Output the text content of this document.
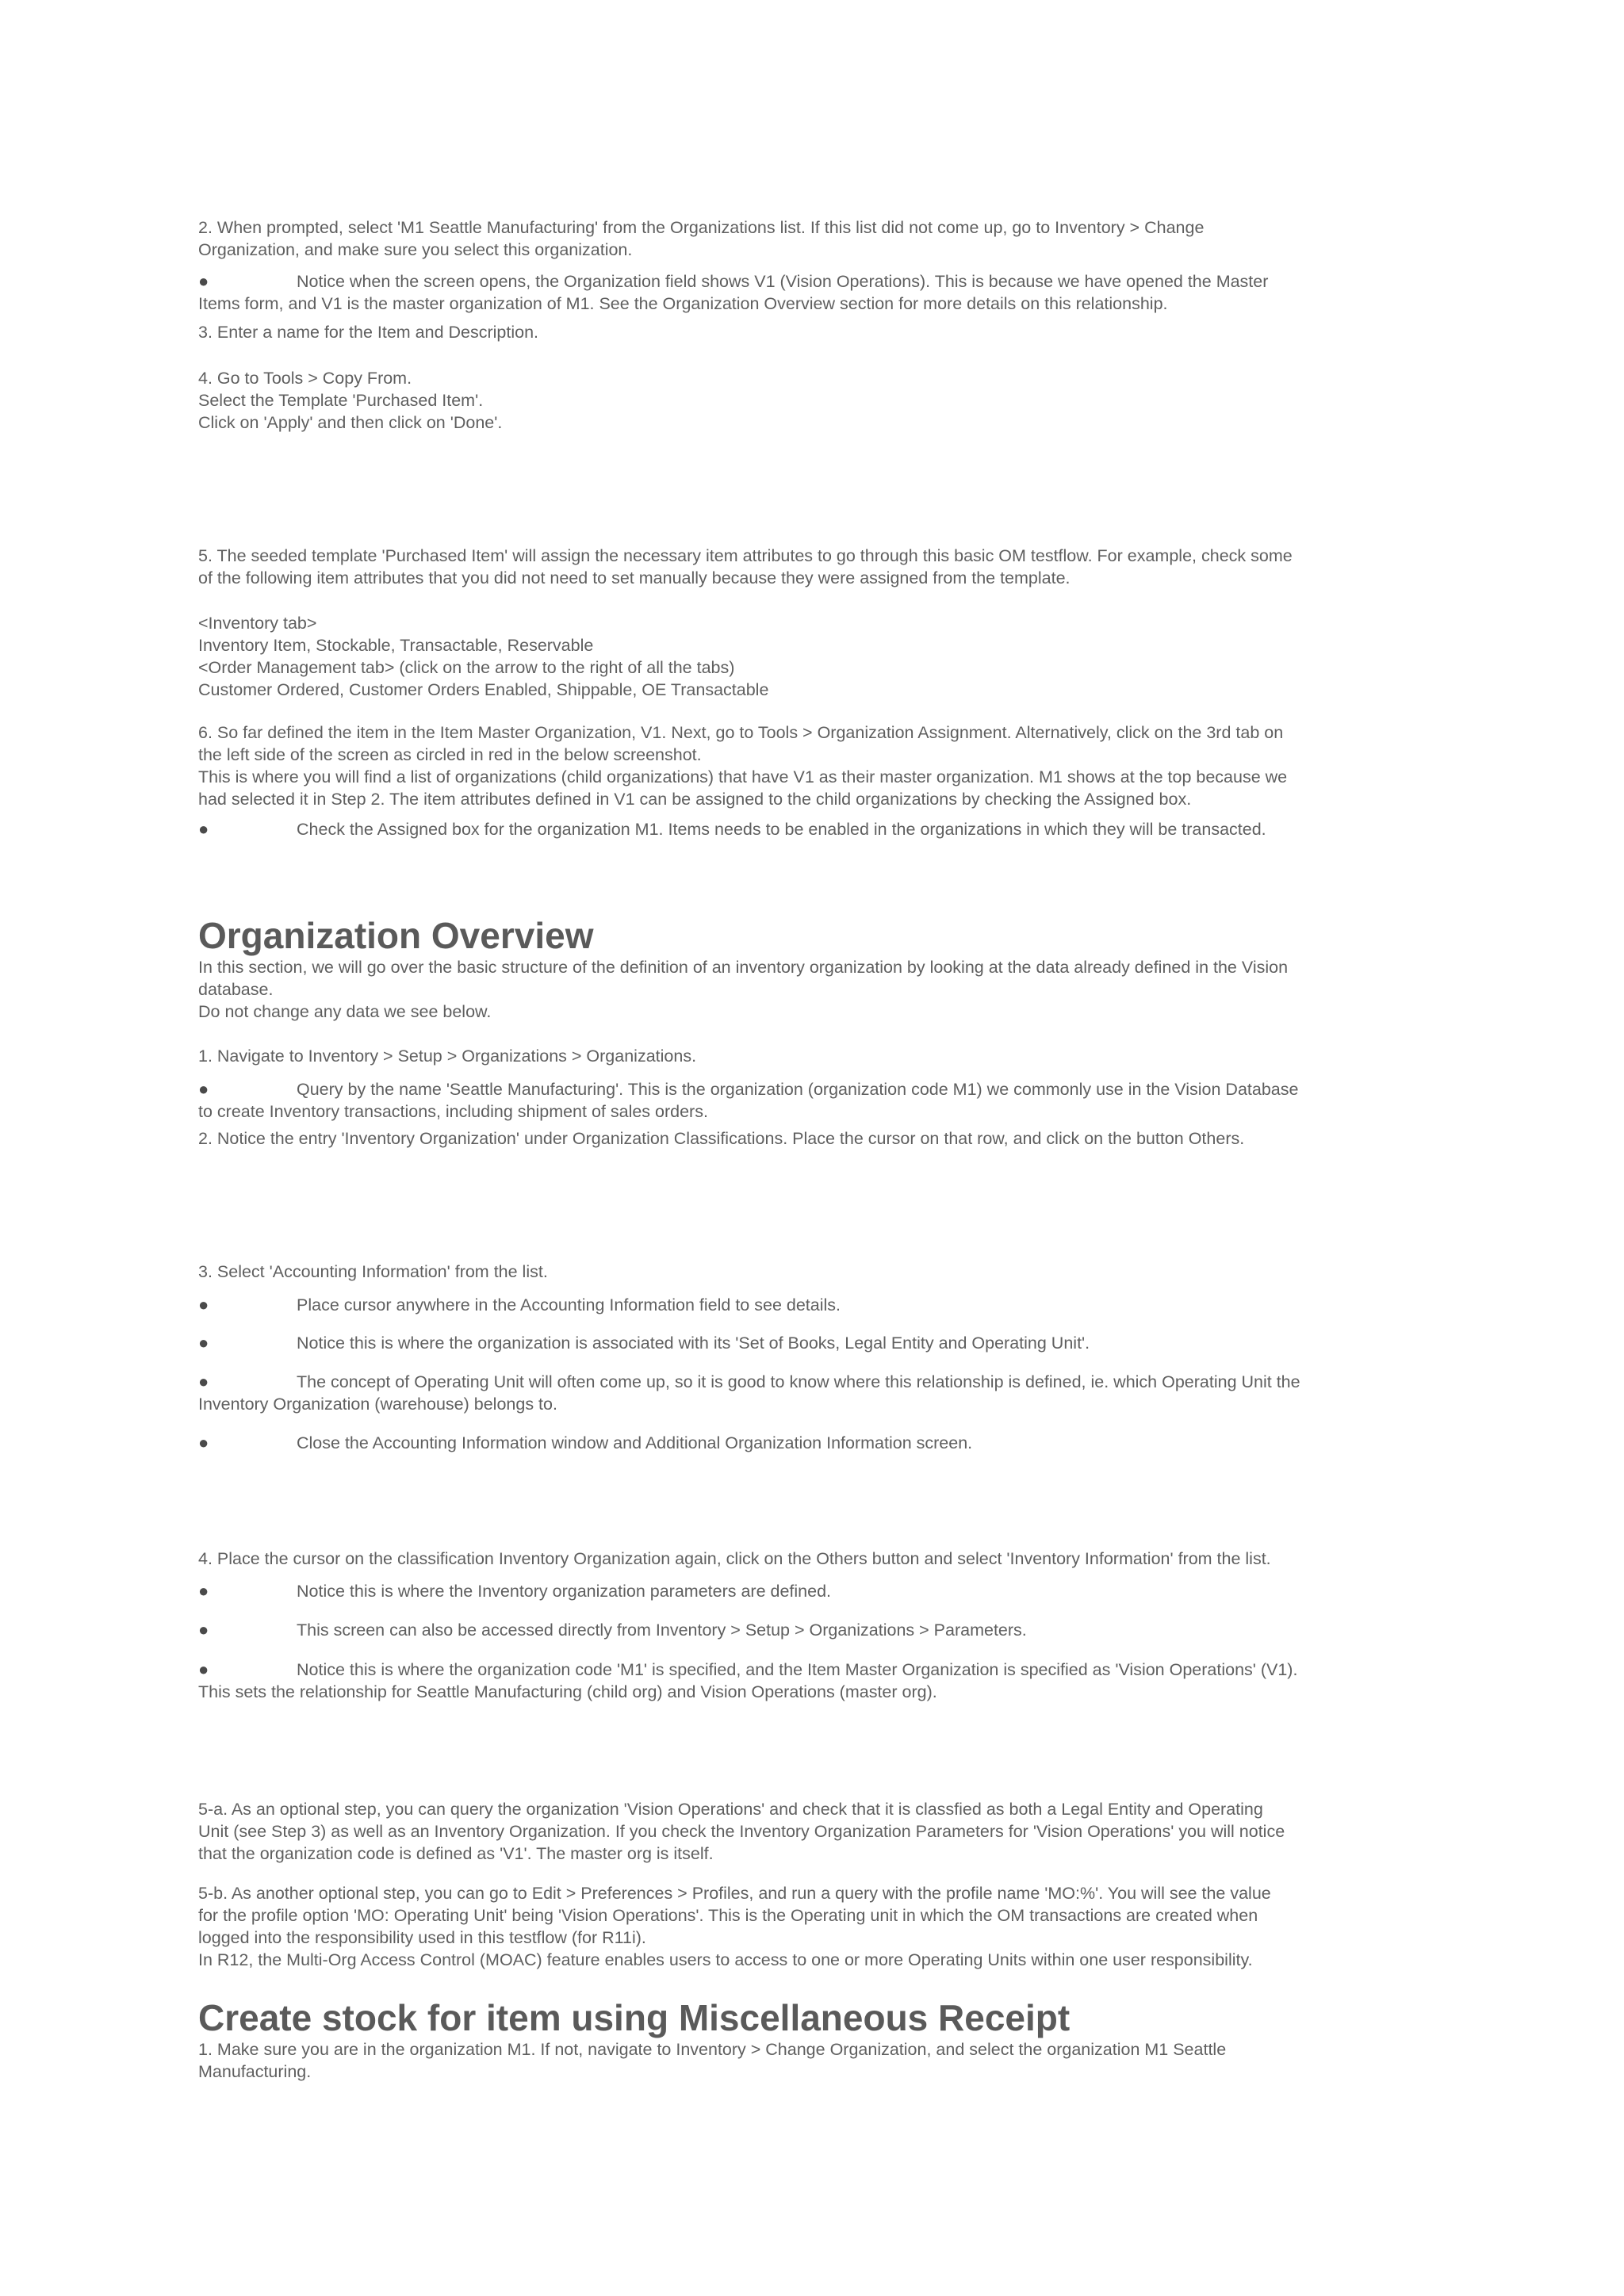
2. When prompted, select 'M1 Seattle Manufacturing' from the Organizations list. If this list did not come up, go to Inventory > Change
Organization, and make sure you select this organization.
●	Notice when the screen opens, the Organization field shows V1 (Vision Operations). This is because we have opened the Master
Items form, and V1 is the master organization of M1. See the Organization Overview section for more details on this relationship.
3. Enter a name for the Item and Description.
4. Go to Tools > Copy From.
Select the Template 'Purchased Item'.
Click on 'Apply' and then click on 'Done'.
5. The seeded template 'Purchased Item' will assign the necessary item attributes to go through this basic OM testflow. For example, check some
of the following item attributes that you did not need to set manually because they were assigned from the template.
<Inventory tab>
Inventory Item, Stockable, Transactable, Reservable
<Order Management tab> (click on the arrow to the right of all the tabs)
Customer Ordered, Customer Orders Enabled, Shippable, OE Transactable
6. So far defined the item in the Item Master Organization, V1. Next, go to Tools > Organization Assignment. Alternatively, click on the 3rd tab on
the left side of the screen as circled in red in the below screenshot.
This is where you will find a list of organizations (child organizations) that have V1 as their master organization. M1 shows at the top because we
had selected it in Step 2. The item attributes defined in V1 can be assigned to the child organizations by checking the Assigned box.
●	Check the Assigned box for the organization M1. Items needs to be enabled in the organizations in which they will be transacted.
Organization Overview
In this section, we will go over the basic structure of the definition of an inventory organization by looking at the data already defined in the Vision
database.
Do not change any data we see below.
1. Navigate to Inventory > Setup > Organizations > Organizations.
●	Query by the name 'Seattle Manufacturing'. This is the organization (organization code M1) we commonly use in the Vision Database
to create Inventory transactions, including shipment of sales orders.
2. Notice the entry 'Inventory Organization' under Organization Classifications. Place the cursor on that row, and click on the button Others.
3. Select 'Accounting Information' from the list.
●	Place cursor anywhere in the Accounting Information field to see details.
●	Notice this is where the organization is associated with its 'Set of Books, Legal Entity and Operating Unit'.
●	The concept of Operating Unit will often come up, so it is good to know where this relationship is defined, ie. which Operating Unit the
Inventory Organization (warehouse) belongs to.
●	Close the Accounting Information window and Additional Organization Information screen.
4. Place the cursor on the classification Inventory Organization again, click on the Others button and select 'Inventory Information' from the list.
●	Notice this is where the Inventory organization parameters are defined.
●	This screen can also be accessed directly from Inventory > Setup > Organizations > Parameters.
●	Notice this is where the organization code 'M1' is specified, and the Item Master Organization is specified as 'Vision Operations' (V1).
This sets the relationship for Seattle Manufacturing (child org) and Vision Operations (master org).
5-a. As an optional step, you can query the organization 'Vision Operations' and check that it is classfied as both a Legal Entity and Operating
Unit (see Step 3) as well as an Inventory Organization. If you check the Inventory Organization Parameters for 'Vision Operations' you will notice
that the organization code is defined as 'V1'. The master org is itself.
5-b. As another optional step, you can go to Edit > Preferences > Profiles, and run a query with the profile name 'MO:%'. You will see the value
for the profile option 'MO: Operating Unit' being 'Vision Operations'. This is the Operating unit in which the OM transactions are created when
logged into the responsibility used in this testflow (for R11i).
In R12, the Multi-Org Access Control (MOAC) feature enables users to access to one or more Operating Units within one user responsibility.
Create stock for item using Miscellaneous Receipt
1. Make sure you are in the organization M1. If not, navigate to Inventory > Change Organization, and select the organization M1 Seattle
Manufacturing.
